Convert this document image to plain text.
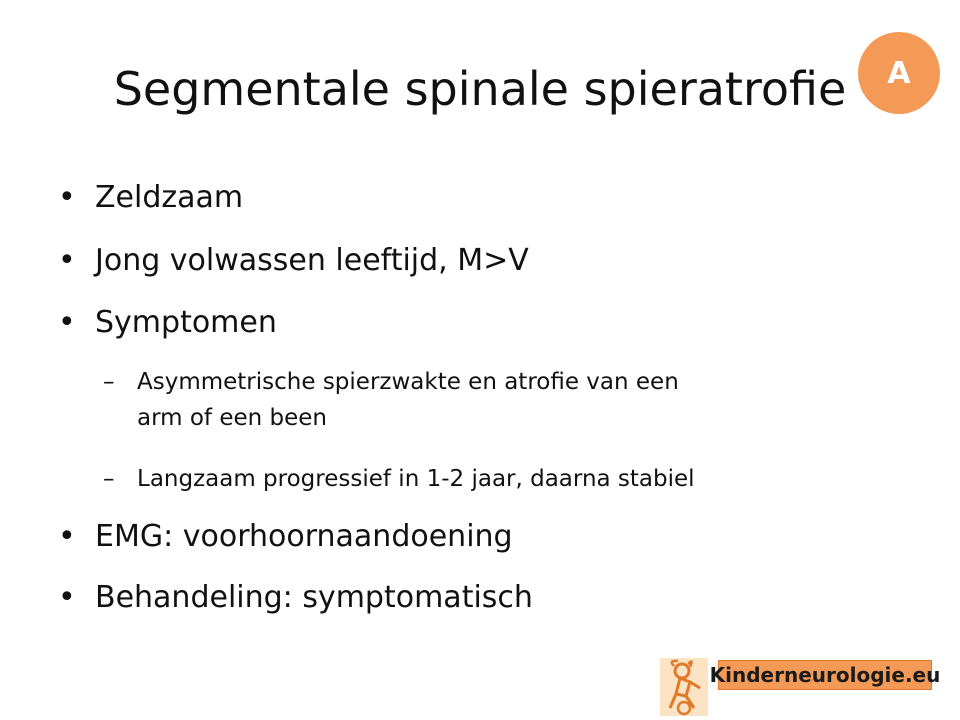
Segmentale spinale spieratrofie	A
• Zeldzaam
• Jong volwassen leeftijd, M>V
• Symptomen
– Asymmetrische spierzwakte en atrofie van een
arm of een been
– Langzaam progressief in 1-2 jaar, daarna stabiel
• EMG: voorhoornaandoening
• Behandeling: symptomatisch
Kinderneurologie.eu
